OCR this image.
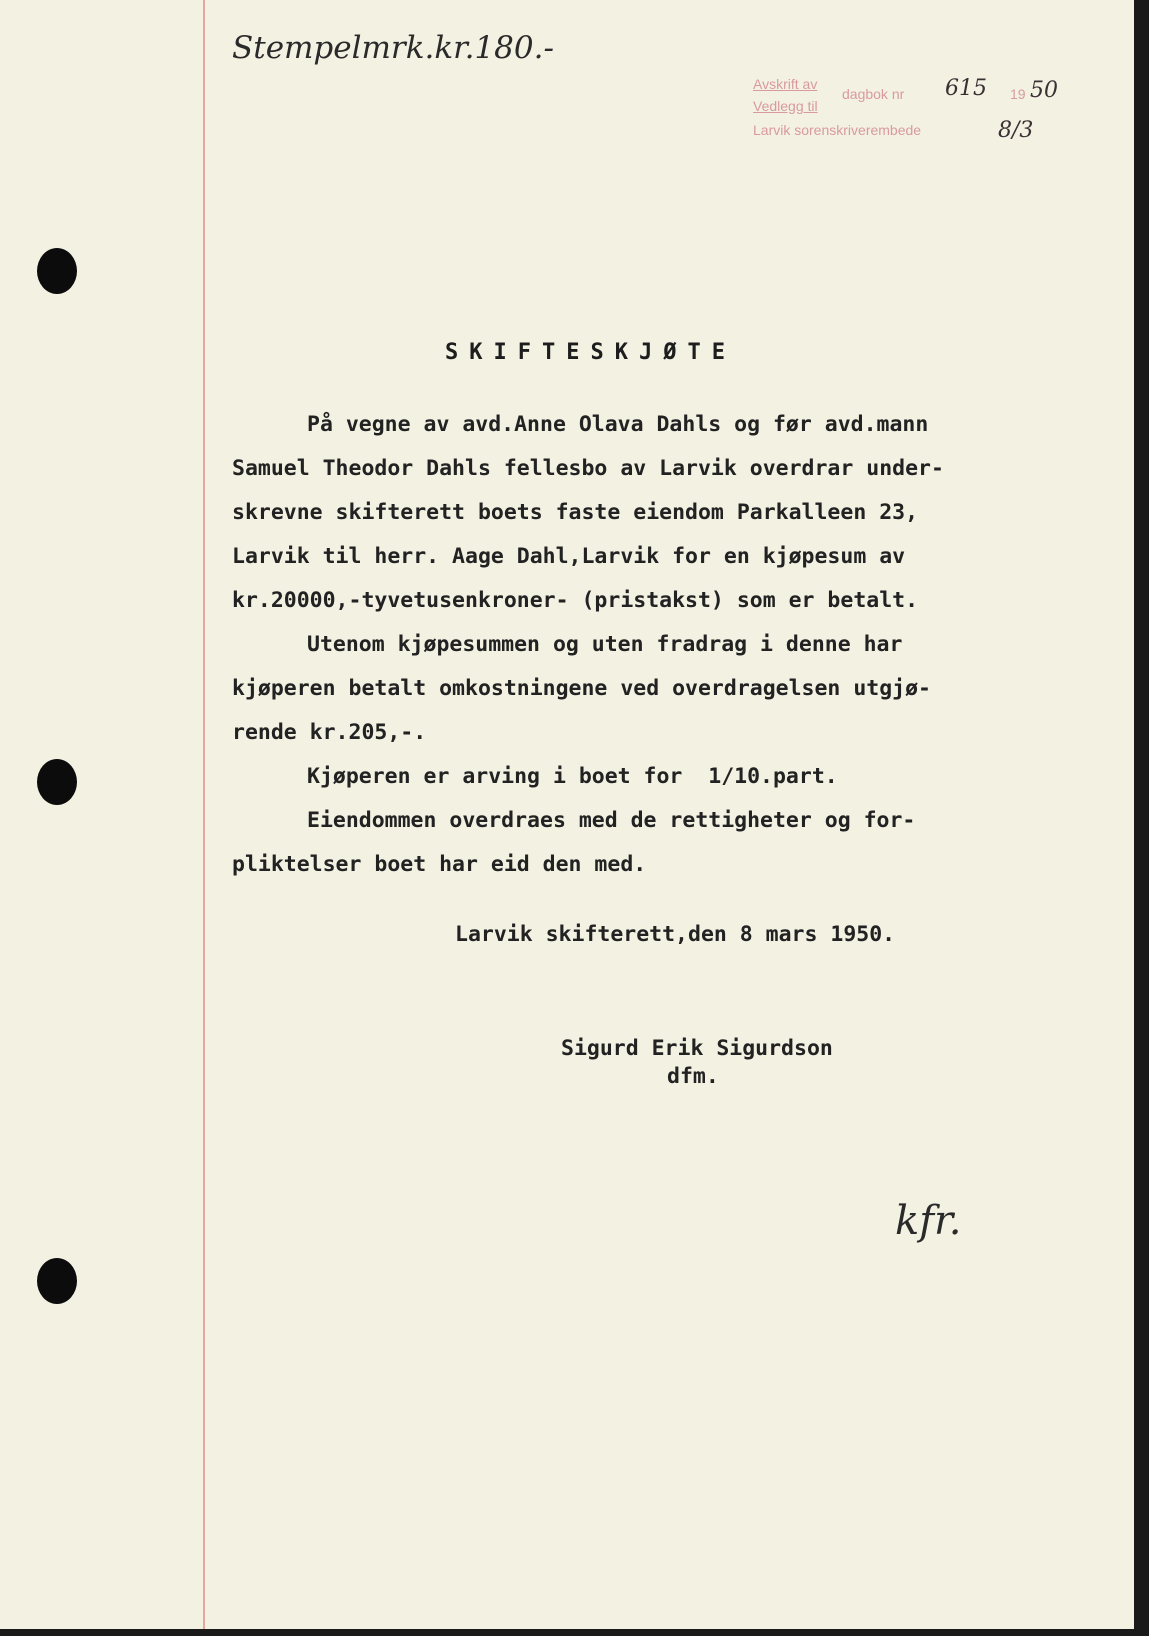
Stempelmrk.kr.180.-
Avskrift av
dagbok nr 615 19 50
Vedlegg til
Larvik sorenskriverembede	8/3
SKIFTESKJØTE
På vegne av avd.Anne Olava Dahls og før avd.mann
Samuel Theodor Dahls fellesbo av Larvik overdrar under-
skrevne skifterett boets faste eiendom Parkalleen 23,
Larvik til herr. Aage Dahl,Larvik for en kjøpesum av
kr.20000,-tyvetusenkroner- (pristakst) som er betalt.
Utenom kjøpesummen og uten fradrag i denne har
kjøperen betalt omkostningene ved overdragelsen utgjø-
rende kr.205,-.
Kjøperen er arving i boet for  1/10.part.
Eiendommen overdraes med de rettigheter og for-
pliktelser boet har eid den med.
Larvik skifterett,den 8 mars 1950.
Sigurd Erik Sigurdson
dfm.
kfr.
